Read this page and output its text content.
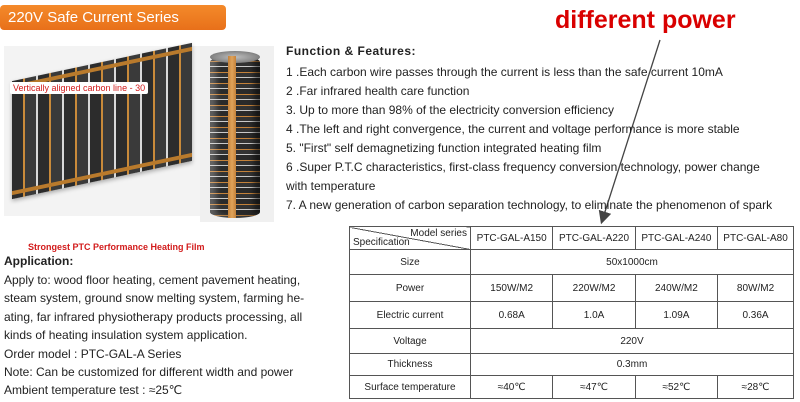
220V Safe Current Series	different power
Vertically aligned carbon line - 30
Strongest PTC Performance Heating Film
Function & Features:
1 .Each carbon wire passes through the current is less than the safe current 10mA
2 .Far infrared health care function
3. Up to more than 98% of the electricity conversion efficiency
4 .The left and right convergence, the current and voltage performance is more stable
5. "First" self demagnetizing function integrated heating film
6 .Super P.T.C characteristics, first-class frequency conversion technology, power change
with temperature
7. A new generation of carbon separation technology, to eliminate the phenomenon of spark
Application:
Apply to: wood floor heating, cement pavement heating,
steam system, ground snow melting system, farming he-
ating, far infrared physiotherapy products processing, all
kinds of heating insulation system application.
Order model : PTC-GAL-A Series
Note: Can be customized for different width and power
Ambient temperature test : ≈25℃
Model series
Specification	PTC-GAL-A150	PTC-GAL-A220	PTC-GAL-A240	PTC-GAL-A80
Size	50x1000cm			
Power	150W/M2	220W/M2	240W/M2	80W/M2
Electric current	0.68A	1.0A	1.09A	0.36A
Voltage	220V			
Thickness	0.3mm			
Surface temperature	≈40℃	≈47℃	≈52℃	≈28℃
